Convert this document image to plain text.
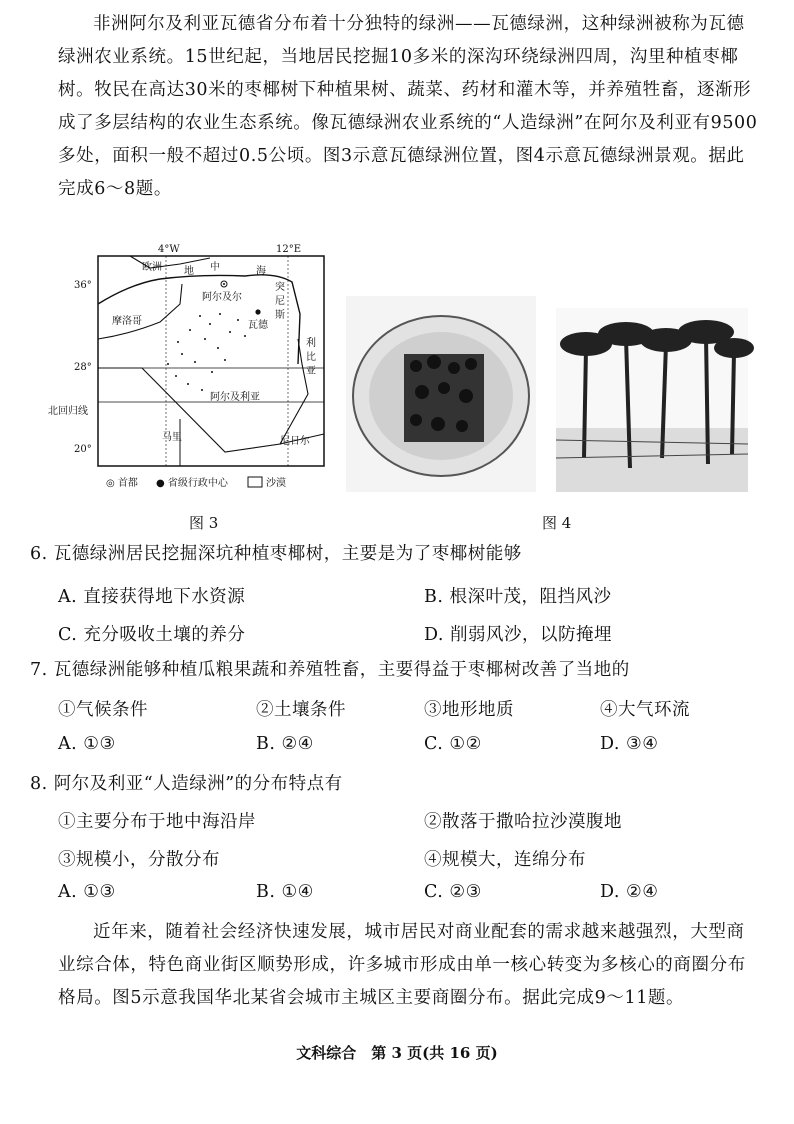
非洲阿尔及利亚瓦德省分布着十分独特的绿洲——瓦德绿洲，这种绿洲被称为瓦德绿洲农业系统。15世纪起，当地居民挖掘10多米的深沟环绕绿洲四周，沟里种植枣椰树。牧民在高达30米的枣椰树下种植果树、蔬菜、药材和灌木等，并养殖牲畜，逐渐形成了多层结构的农业生态系统。像瓦德绿洲农业系统的“人造绿洲”在阿尔及利亚有9500多处，面积一般不超过0.5公顷。图3示意瓦德绿洲位置，图4示意瓦德绿洲景观。据此完成6～8题。

4°W	12°E
36°
28°
北回归线
20°
欧洲 地 中	海
阿尔及尔
突
尼
斯
瓦德
摩洛哥
利
比
亚
阿尔及利亚
马里	尼日尔
◎ 首都 ● 省级行政中心	沙漠
图 3	图 4
6. 瓦德绿洲居民挖掘深坑种植枣椰树，主要是为了枣椰树能够
A. 直接获得地下水资源	B. 根深叶茂，阻挡风沙
C. 充分吸收土壤的养分	D. 削弱风沙，以防掩埋
7. 瓦德绿洲能够种植瓜粮果蔬和养殖牲畜，主要得益于枣椰树改善了当地的
①气候条件	②土壤条件	③地形地质	④大气环流
A. ①③	B. ②④	C. ①②	D. ③④
8. 阿尔及利亚“人造绿洲”的分布特点有
①主要分布于地中海沿岸	②散落于撒哈拉沙漠腹地
③规模小，分散分布	④规模大，连绵分布
A. ①③	B. ①④	C. ②③	D. ②④

近年来，随着社会经济快速发展，城市居民对商业配套的需求越来越强烈，大型商业综合体，特色商业街区顺势形成，许多城市形成由单一核心转变为多核心的商圈分布格局。图5示意我国华北某省会城市主城区主要商圈分布。据此完成9～11题。

文科综合　第 3 页(共 16 页)
